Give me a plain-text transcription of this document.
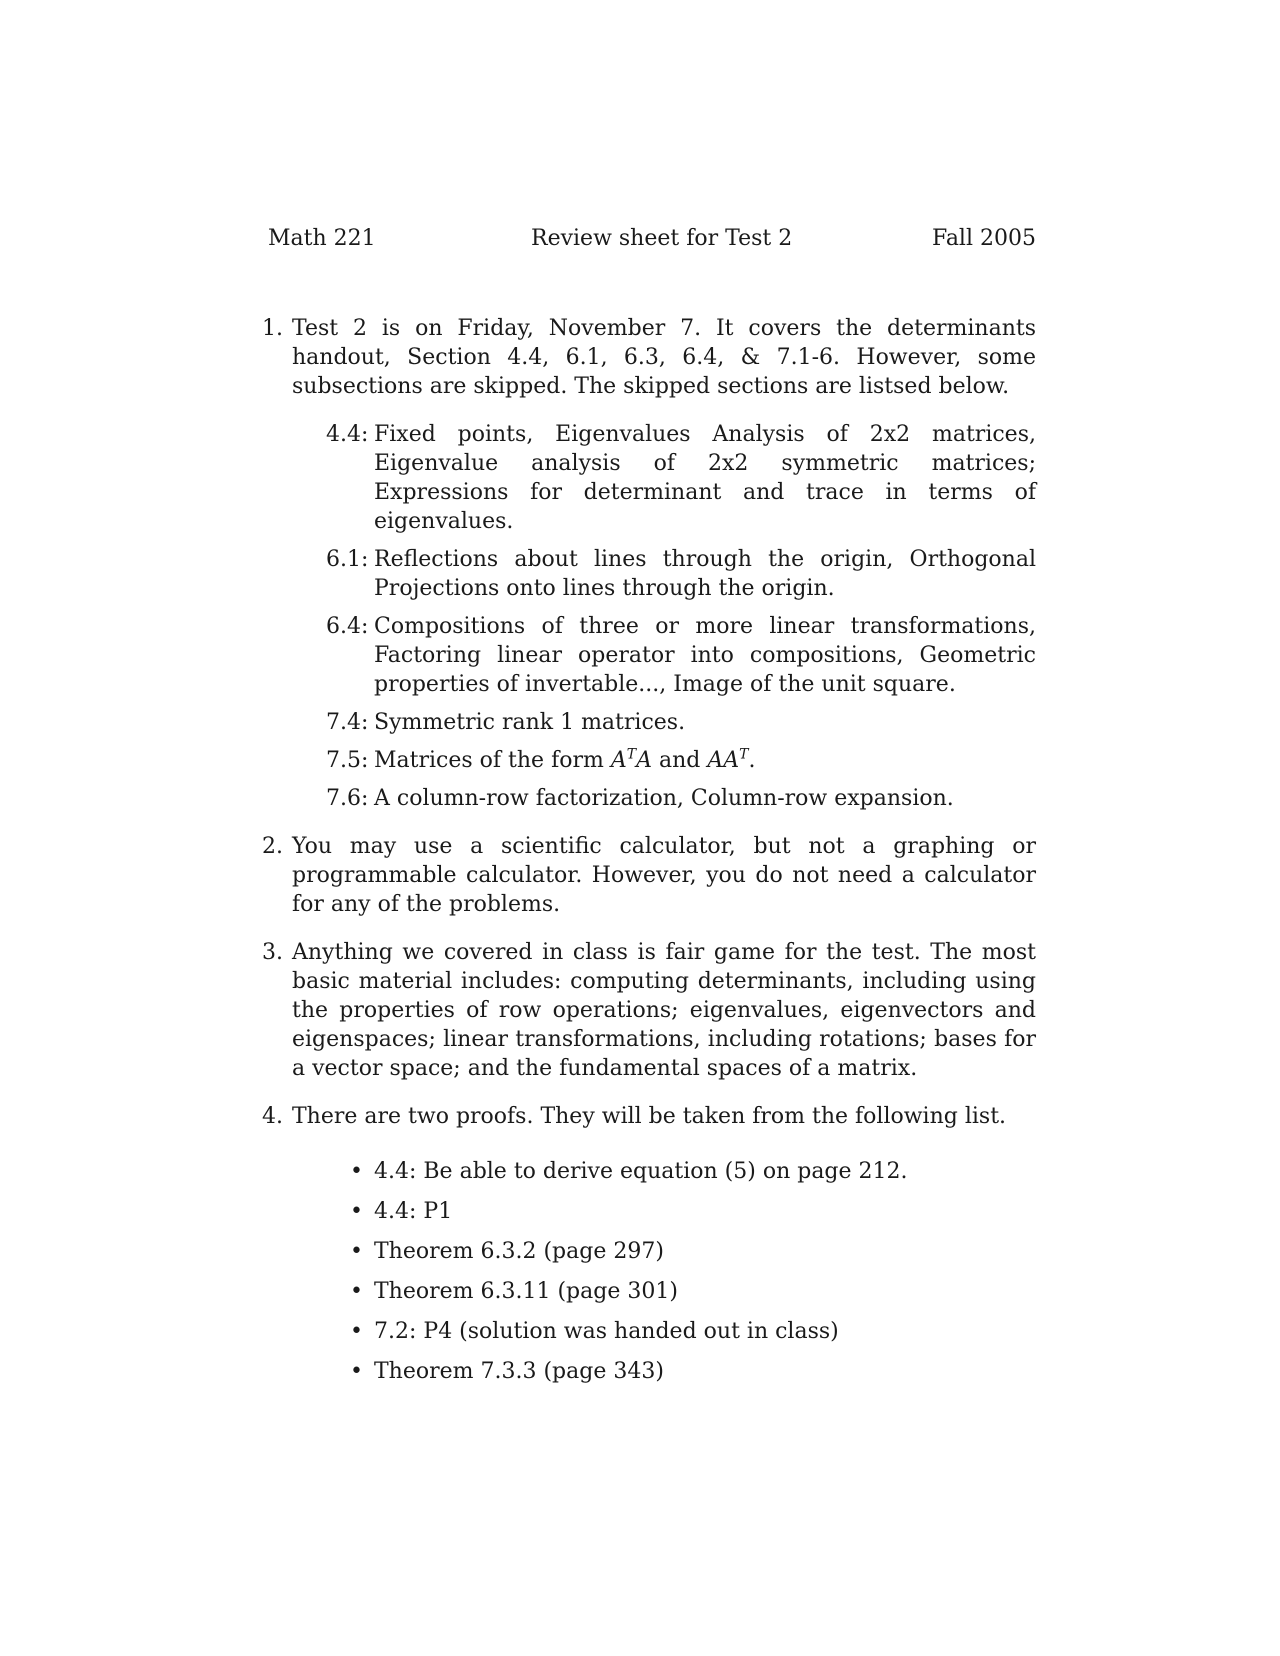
Math 221	Review sheet for Test 2	Fall 2005
1. Test 2 is on Friday, November 7. It covers the determinants handout, Section 4.4, 6.1, 6.3, 6.4, & 7.1-6. However, some subsections are skipped. The skipped sections are listsed below.
4.4: Fixed points, Eigenvalues Analysis of 2x2 matrices, Eigenvalue analysis of 2x2 symmetric matrices; Expressions for determinant and trace in terms of eigenvalues.
6.1: Reflections about lines through the origin, Orthogonal Projections onto lines through the origin.
6.4: Compositions of three or more linear transformations, Factoring linear operator into compositions, Geometric properties of invertable..., Image of the unit square.
7.4: Symmetric rank 1 matrices.
7.5: Matrices of the form $A^TA$ and $AA^T$.
7.6: A column-row factorization, Column-row expansion.
2. You may use a scientific calculator, but not a graphing or programmable calculator. However, you do not need a calculator for any of the problems.
3. Anything we covered in class is fair game for the test. The most basic material includes: computing determinants, including using the properties of row operations; eigenvalues, eigenvectors and eigenspaces; linear transformations, including rotations; bases for a vector space; and the fundamental spaces of a matrix.
4. There are two proofs. They will be taken from the following list.
• 4.4: Be able to derive equation (5) on page 212.
• 4.4: P1
• Theorem 6.3.2 (page 297)
• Theorem 6.3.11 (page 301)
• 7.2: P4 (solution was handed out in class)
• Theorem 7.3.3 (page 343)
